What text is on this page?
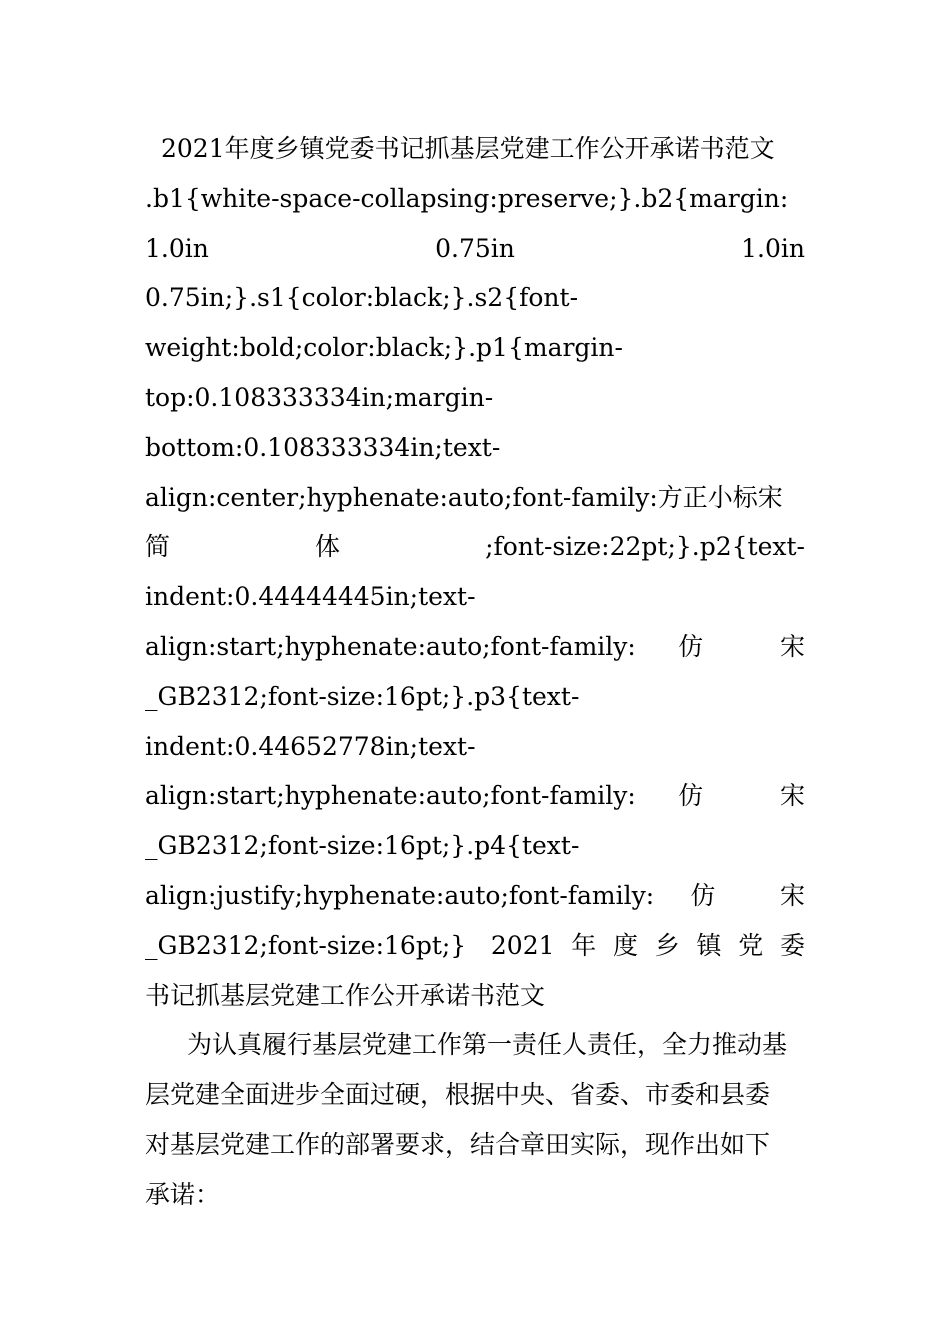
2021年度乡镇党委书记抓基层党建工作公开承诺书范文
.b1{white-space-collapsing:preserve;}.b2{margin:
1.0in 0.75in 1.0in
0.75in;}.s1{color:black;}.s2{font-
weight:bold;color:black;}.p1{margin-
top:0.108333334in;margin-
bottom:0.108333334in;text-
align:center;hyphenate:auto;font-family:方正小标宋
简 体 ;font-size:22pt;}.p2{text-
indent:0.44444445in;text-
align:start;hyphenate:auto;font-family: 仿 宋
_GB2312;font-size:16pt;}.p3{text-
indent:0.44652778in;text-
align:start;hyphenate:auto;font-family: 仿 宋
_GB2312;font-size:16pt;}.p4{text-
align:justify;hyphenate:auto;font-family: 仿 宋
_GB2312;font-size:16pt;} 2021年度乡镇党委
书记抓基层党建工作公开承诺书范文
为认真履行基层党建工作第一责任人责任，全力推动基
层党建全面进步全面过硬，根据中央、省委、市委和县委
对基层党建工作的部署要求，结合章田实际，现作出如下
承诺：
